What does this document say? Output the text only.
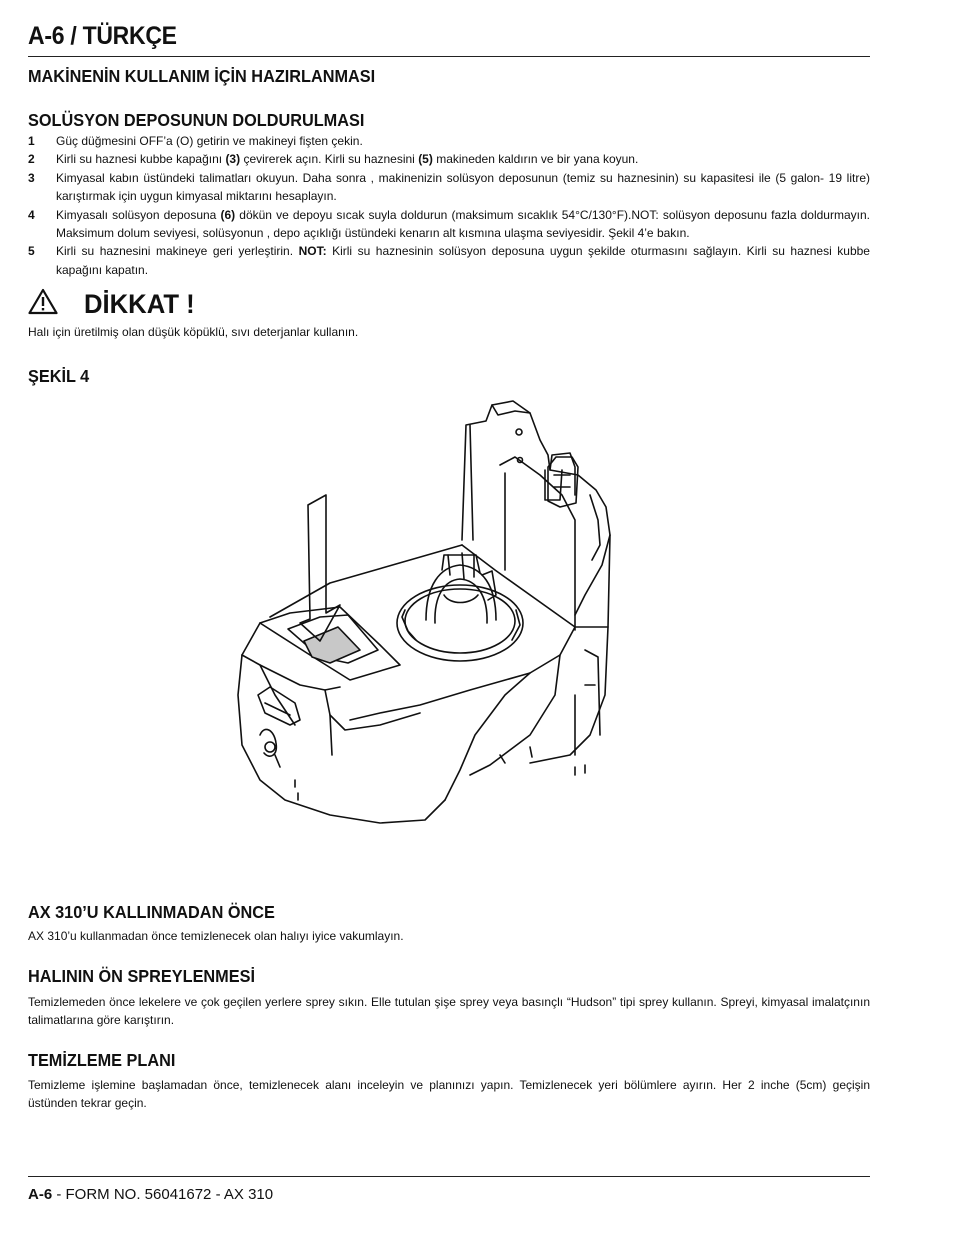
A-6 / TÜRKÇE
MAKİNENİN KULLANIM İÇİN HAZIRLANMASI
SOLÜSYON DEPOSUNUN DOLDURULMASI
1 Güç düğmesini OFF’a (O) getirin ve makineyi fişten çekin.
2 Kirli su haznesi kubbe kapağını (3) çevirerek açın. Kirli su haznesini (5) makineden kaldırın ve bir yana koyun.
3 Kimyasal kabın üstündeki talimatları okuyun. Daha sonra , makinenizin solüsyon deposunun (temiz su haznesinin) su kapasitesi ile (5 galon- 19 litre) karıştırmak için uygun kimyasal miktarını hesaplayın.
4 Kimyasalı solüsyon deposuna (6) dökün ve depoyu sıcak suyla doldurun (maksimum sıcaklık 54°C/130°F).NOT: solüsyon deposunu fazla doldurmayın. Maksimum dolum seviyesi, solüsyonun , depo açıklığı üstündeki kenarın alt kısmına ulaşma seviyesidir. Şekil 4’e bakın.
5 Kirli su haznesini makineye geri yerleştirin. NOT: Kirli su haznesinin solüsyon deposuna uygun şekilde oturmasını sağlayın. Kirli su haznesi kubbe kapağını kapatın.
DİKKAT !
Halı için üretilmiş olan düşük köpüklü, sıvı deterjanlar kullanın.
ŞEKİL 4
AX 310’U KALLINMADAN ÖNCE
AX 310’u kullanmadan önce temizlenecek olan halıyı iyice vakumlayın.
HALININ ÖN SPREYLENMESİ
Temizlemeden önce lekelere ve çok geçilen yerlere sprey sıkın. Elle tutulan şişe sprey veya basınçlı “Hudson” tipi sprey kullanın. Spreyi, kimyasal imalatçının talimatlarına göre karıştırın.
TEMİZLEME PLANI
Temizleme işlemine başlamadan önce, temizlenecek alanı inceleyin ve planınızı yapın. Temizlenecek yeri bölümlere ayırın. Her 2 inche (5cm) geçişin üstünden tekrar geçin.
A-6 - FORM NO. 56041672 - AX 310
